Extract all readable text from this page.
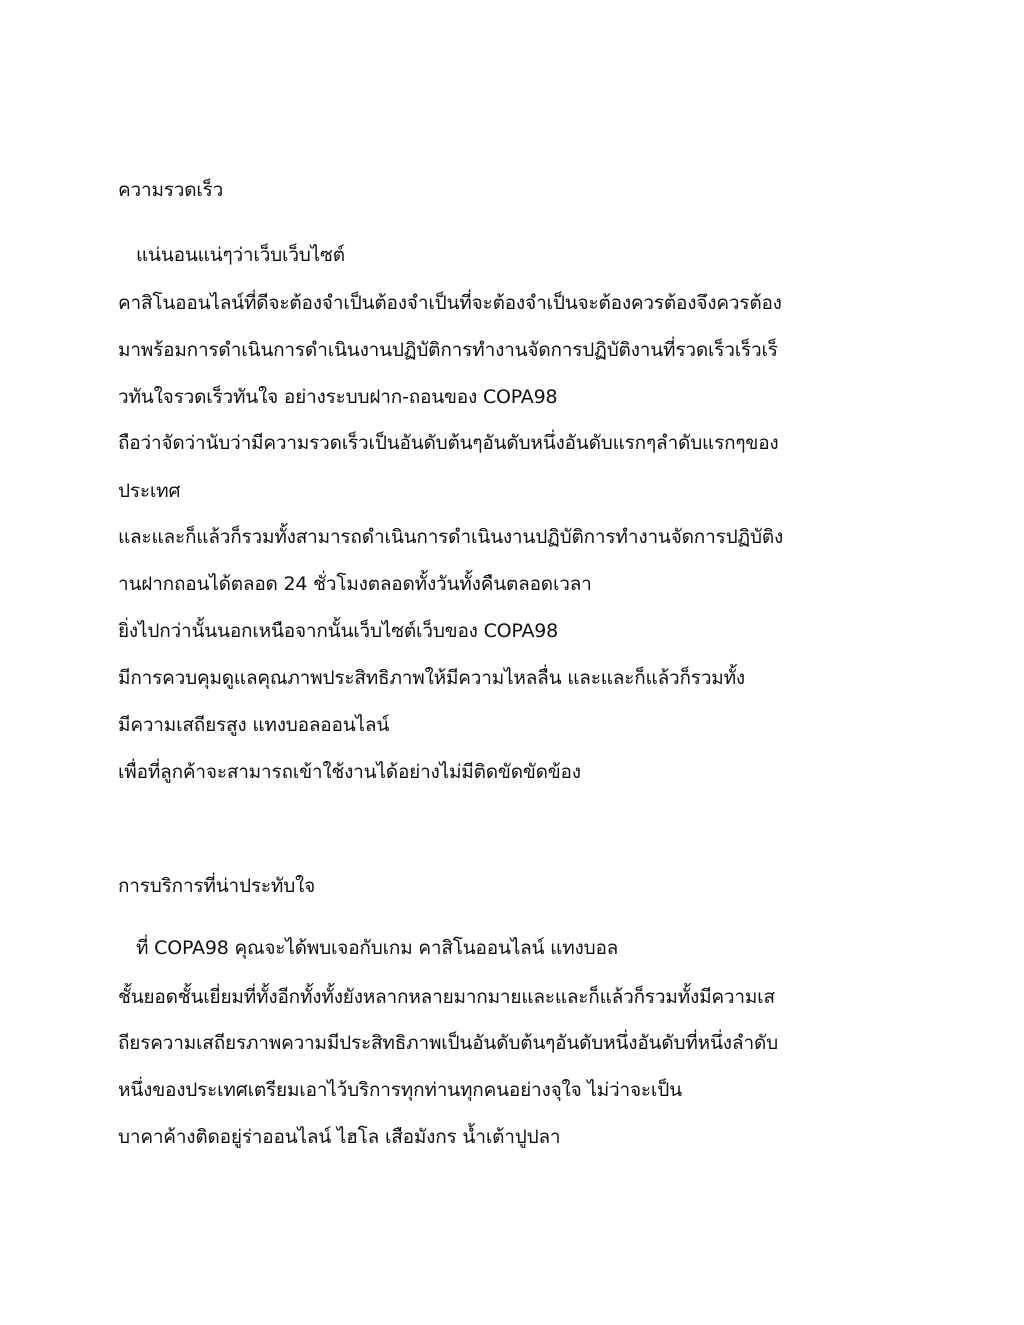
ความรวดเร็ว
แน่นอนแน่ๆว่าเว็บเว็บไซต์
คาสิโนออนไลน์ที่ดีจะต้องจำเป็นต้องจำเป็นที่จะต้องจำเป็นจะต้องควรต้องจึงควรต้อง
มาพร้อมการดำเนินการดำเนินงานปฏิบัติการทำงานจัดการปฏิบัติงานที่รวดเร็วเร็วเร็
วทันใจรวดเร็วทันใจ อย่างระบบฝาก-ถอนของ COPA98
ถือว่าจัดว่านับว่ามีความรวดเร็วเป็นอันดับต้นๆอันดับหนึ่งอันดับแรกๆลำดับแรกๆของ
ประเทศ
และและก็แล้วก็รวมทั้งสามารถดำเนินการดำเนินงานปฏิบัติการทำงานจัดการปฏิบัติง
านฝากถอนได้ตลอด 24 ชั่วโมงตลอดทั้งวันทั้งคืนตลอดเวลา
ยิ่งไปกว่านั้นนอกเหนือจากนั้นเว็บไซต์เว็บของ COPA98
มีการควบคุมดูแลคุณภาพประสิทธิภาพให้มีความไหลลื่น และและก็แล้วก็รวมทั้ง
มีความเสถียรสูง แทงบอลออนไลน์
เพื่อที่ลูกค้าจะสามารถเข้าใช้งานได้อย่างไม่มีติดขัดขัดข้อง
การบริการที่น่าประทับใจ
ที่ COPA98 คุณจะได้พบเจอกับเกม คาสิโนออนไลน์ แทงบอล
ชั้นยอดชั้นเยี่ยมที่ทั้งอีกทั้งทั้งยังหลากหลายมากมายและและก็แล้วก็รวมทั้งมีความเส
ถียรความเสถียรภาพความมีประสิทธิภาพเป็นอันดับต้นๆอันดับหนึ่งอันดับที่หนึ่งลำดับ
หนึ่งของประเทศเตรียมเอาไว้บริการทุกท่านทุกคนอย่างจุใจ ไม่ว่าจะเป็น
บาคาค้างติดอยู่ร่าออนไลน์ ไฮโล เสือมังกร น้ำเต้าปูปลา
